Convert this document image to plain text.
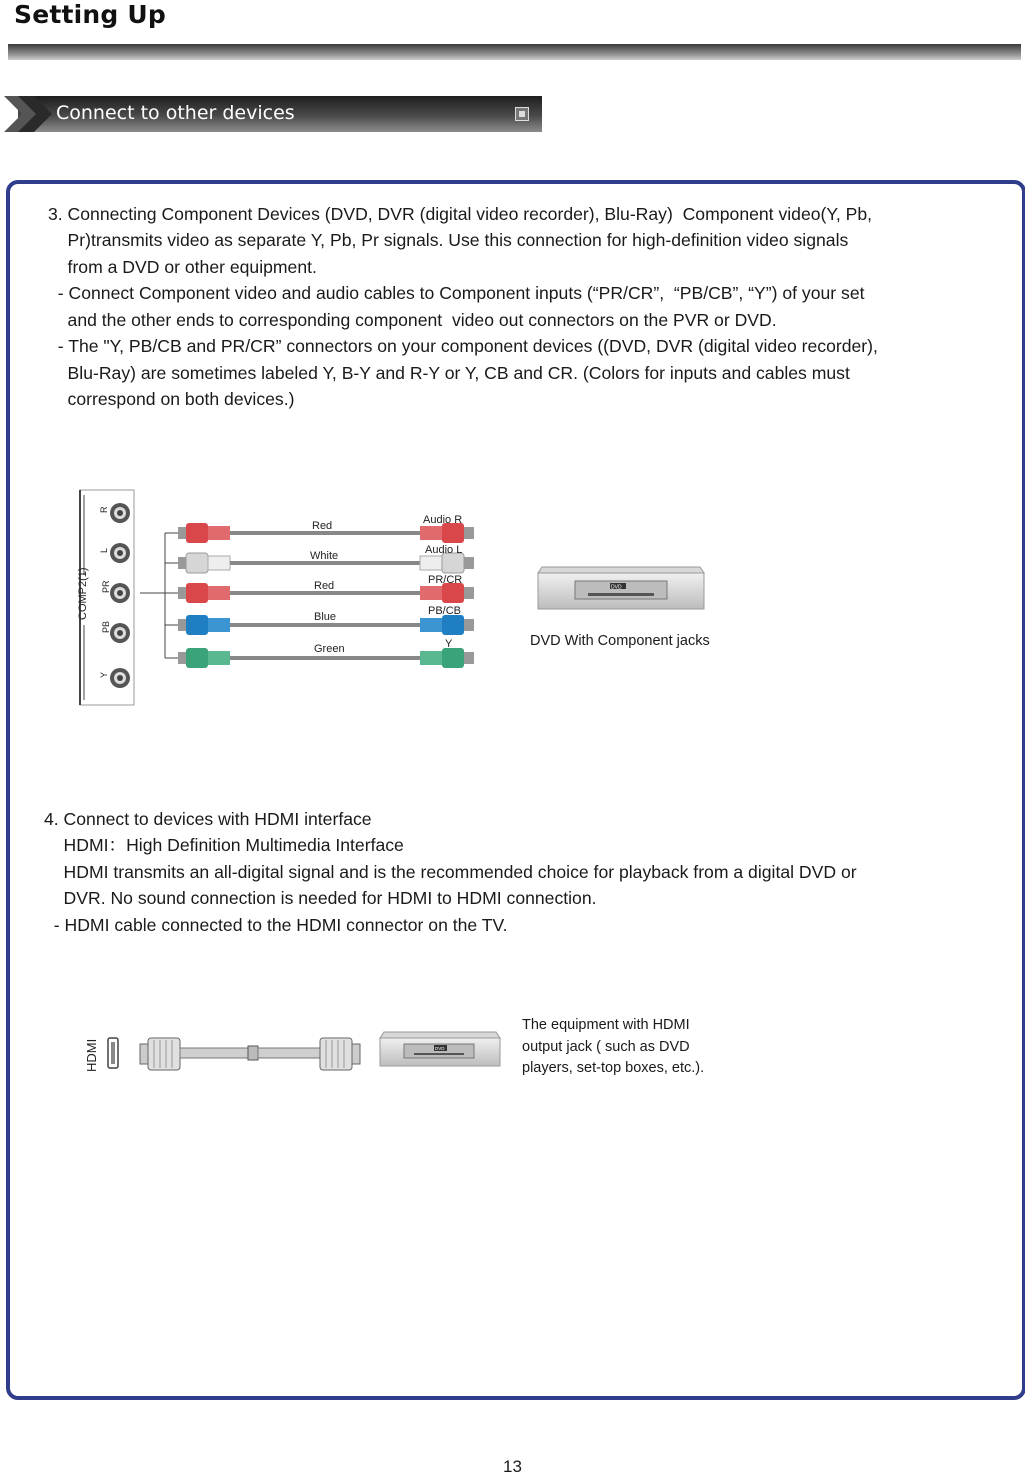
Setting Up
Connect to other devices
3. Connecting Component Devices (DVD, DVR (digital video recorder), Blu-Ray)  Component video(Y, Pb,
Pr)transmits video as separate Y, Pb, Pr signals. Use this connection for high-definition video signals
from a DVD or other equipment.
- Connect Component video and audio cables to Component inputs (“PR/CR”,  “PB/CB”, “Y”) of your set
and the other ends to corresponding component  video out connectors on the PVR or DVD.
- The "Y, PB/CB and PR/CR” connectors on your component devices ((DVD, DVR (digital video recorder),
Blu-Ray) are sometimes labeled Y, B-Y and R-Y or Y, CB and CR. (Colors for inputs and cables must
correspond on both devices.)
COMP2(1)
R
L
PR
PB
Y
Red	Audio R
White	Audio L
Red	PR/CR
Blue	PB/CB
Green	Y
DVD
DVD With Component jacks
4. Connect to devices with HDMI interface
HDMI：High Definition Multimedia Interface
HDMI transmits an all-digital signal and is the recommended choice for playback from a digital DVD or
DVR. No sound connection is needed for HDMI to HDMI connection.
- HDMI cable connected to the HDMI connector on the TV.
HDMI	DVD
The equipment with HDMI
output jack ( such as DVD
players, set-top boxes, etc.).
13
